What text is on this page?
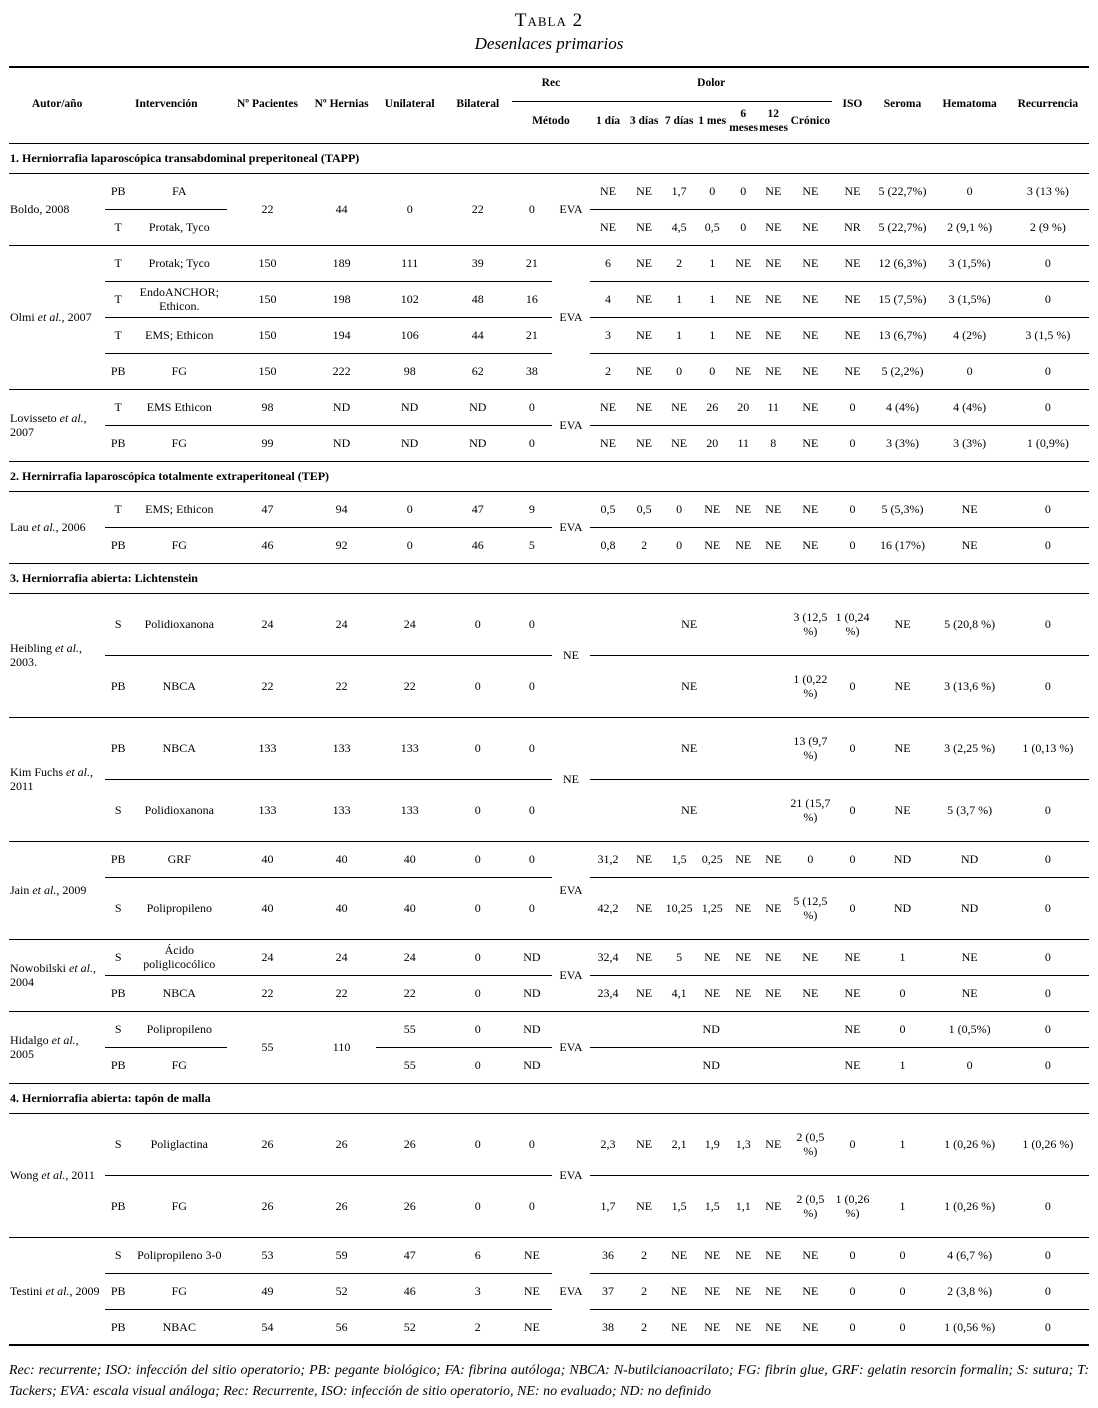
Tabla 2
Desenlaces primarios
Autor/año	Intervención		Nº Pacientes	Nº Hernias	Unilateral	Bilateral	Rec		Dolor							ISO	Seroma	Hematoma	Recurrencia
							Método		1 día	3 días	7 días	1 mes	6 meses	12 meses	Crónico				
1. Herniorrafia laparoscópica transabdominal preperitoneal (TAPP)																			
Boldo, 2008	PB	FA	22	44	0	22	0	EVA	NE	NE	1,7	0	0	NE	NE	NE	5 (22,7%)	0	3 (13 %)
	T	Protak, Tyco							NE	NE	4,5	0,5	0	NE	NE	NR	5 (22,7%)	2 (9,1 %)	2 (9 %)
Olmi et al., 2007	T	Protak; Tyco	150	189	111	39	21	EVA	6	NE	2	1	NE	NE	NE	NE	12 (6,3%)	3 (1,5%)	0
	T	EndoANCHOR; Ethicon.	150	198	102	48	16		4	NE	1	1	NE	NE	NE	NE	15 (7,5%)	3 (1,5%)	0
	T	EMS; Ethicon	150	194	106	44	21		3	NE	1	1	NE	NE	NE	NE	13 (6,7%)	4 (2%)	3 (1,5 %)
	PB	FG	150	222	98	62	38		2	NE	0	0	NE	NE	NE	NE	5 (2,2%)	0	0
Lovisseto et al., 2007	T	EMS Ethicon	98	ND	ND	ND	0	EVA	NE	NE	NE	26	20	11	NE	0	4 (4%)	4 (4%)	0
	PB	FG	99	ND	ND	ND	0		NE	NE	NE	20	11	8	NE	0	3 (3%)	3 (3%)	1 (0,9%)
2. Hernirrafia laparoscópica totalmente extraperitoneal (TEP)																			
Lau et al., 2006	T	EMS; Ethicon	47	94	0	47	9	EVA	0,5	0,5	0	NE	NE	NE	NE	0	5 (5,3%)	NE	0
	PB	FG	46	92	0	46	5		0,8	2	0	NE	NE	NE	NE	0	16 (17%)	NE	0
3. Herniorrafia abierta: Lichtenstein																			
Heibling et al., 2003.	S	Polidioxanona	24	24	24	0	0	NE	NE						3 (12,5 %)	1 (0,24 %)	NE	5 (20,8 %)	0
	PB	NBCA	22	22	22	0	0		NE						1 (0,22 %)	0	NE	3 (13,6 %)	0
Kim Fuchs et al., 2011	PB	NBCA	133	133	133	0	0	NE	NE						13 (9,7 %)	0	NE	3 (2,25 %)	1 (0,13 %)
	S	Polidioxanona	133	133	133	0	0		NE						21 (15,7 %)	0	NE	5 (3,7 %)	0
Jain et al., 2009	PB	GRF	40	40	40	0	0	EVA	31,2	NE	1,5	0,25	NE	NE	0	0	ND	ND	0
	S	Polipropileno	40	40	40	0	0		42,2	NE	10,25	1,25	NE	NE	5 (12,5 %)	0	ND	ND	0
Nowobilski et al., 2004	S	Ácido poliglicocólico	24	24	24	0	ND	EVA	32,4	NE	5	NE	NE	NE	NE	NE	1	NE	0
	PB	NBCA	22	22	22	0	ND		23,4	NE	4,1	NE	NE	NE	NE	NE	0	NE	0
Hidalgo et al., 2005	S	Polipropileno	55	110	55	0	ND	EVA	ND							NE	0	1 (0,5%)	0
	PB	FG			55	0	ND		ND							NE	1	0	0
4. Herniorrafia abierta: tapón de malla																			
Wong et al., 2011	S	Poliglactina	26	26	26	0	0	EVA	2,3	NE	2,1	1,9	1,3	NE	2 (0,5 %)	0	1	1 (0,26 %)	1 (0,26 %)
	PB	FG	26	26	26	0	0		1,7	NE	1,5	1,5	1,1	NE	2 (0,5 %)	1 (0,26 %)	1	1 (0,26 %)	0
Testini et al., 2009	S	Polipropileno 3-0	53	59	47	6	NE	EVA	36	2	NE	NE	NE	NE	NE	0	0	4 (6,7 %)	0
	PB	FG	49	52	46	3	NE		37	2	NE	NE	NE	NE	NE	0	0	2 (3,8 %)	0
	PB	NBAC	54	56	52	2	NE		38	2	NE	NE	NE	NE	NE	0	0	1 (0,56 %)	0
Rec: recurrente; ISO: infección del sitio operatorio; PB: pegante biológico; FA: fibrina autóloga; NBCA: N-butilcianoacrilato; FG: fibrin glue, GRF: gelatin resorcin formalin; S: sutura; T: Tackers; EVA: escala visual análoga; Rec: Recurrente, ISO: infección de sitio operatorio, NE: no evaluado; ND: no definido
